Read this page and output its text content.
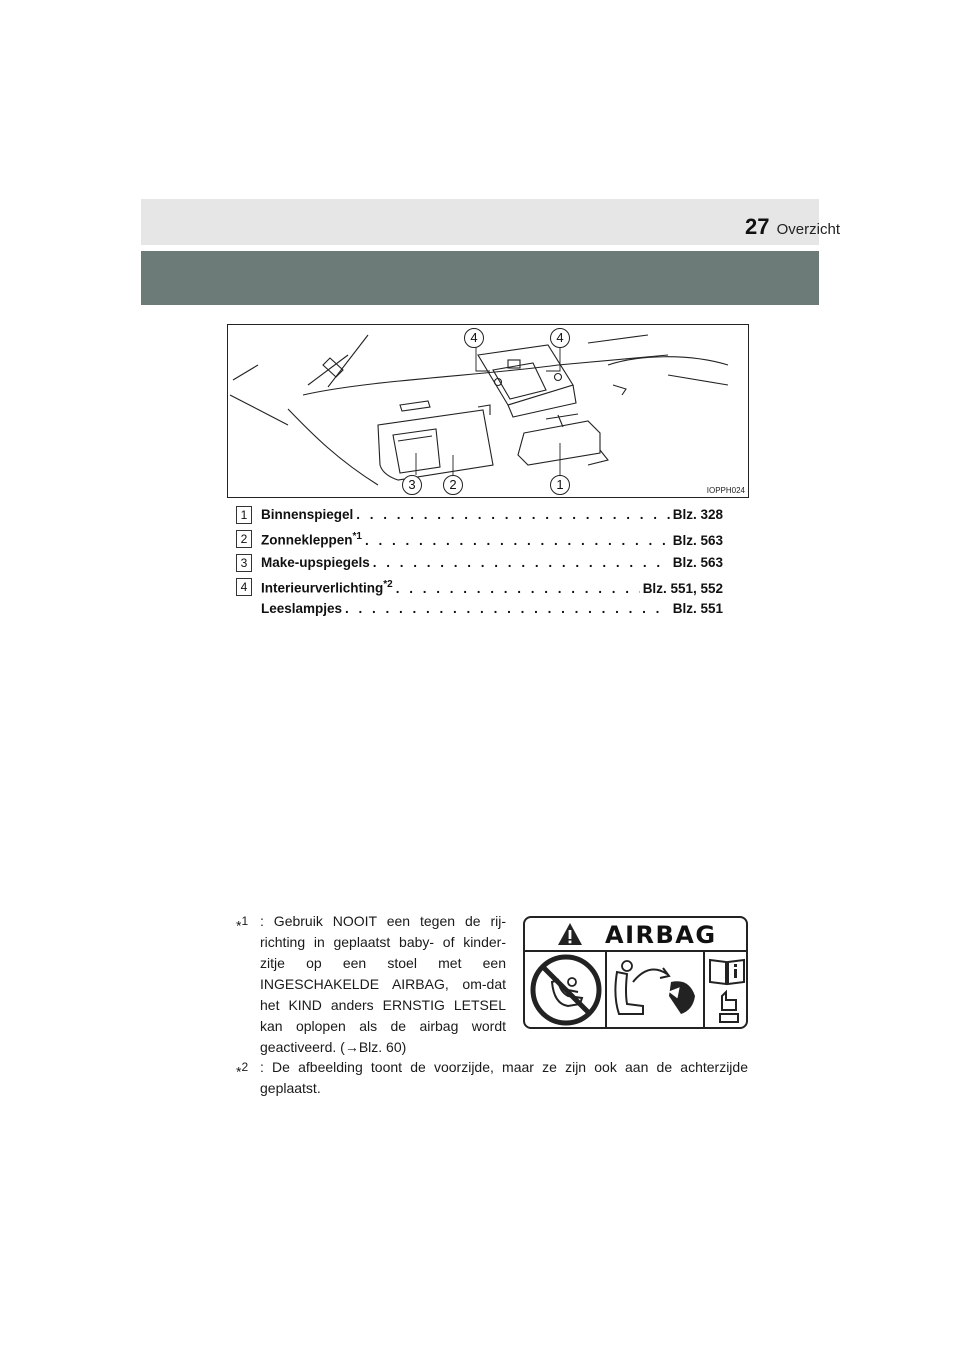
Overzicht
27
4	4
3	2	1	IOPPH024
1	Binnenspiegel . . .	Blz. 328
2	Zonnekleppen$^{*1}$ . . .	Blz. 563
3	Make-upspiegels . . .	Blz. 563
4	Interieurverlichting$^{*2}$ . . .	Blz. 551, 552
Leeslampjes . . .	Blz. 551
*$^1$ : Gebruik NOOIT een tegen de rij-richting in geplaatst baby- of kinder-zitje op een stoel met een INGESCHAKELDE AIRBAG, om-dat het KIND anders ERNSTIG LETSEL kan oplopen als de airbag wordt geactiveerd. (→Blz. 60)
AIRBAG
*$^2$ : De afbeelding toont de voorzijde, maar ze zijn ook aan de achterzijde geplaatst.
